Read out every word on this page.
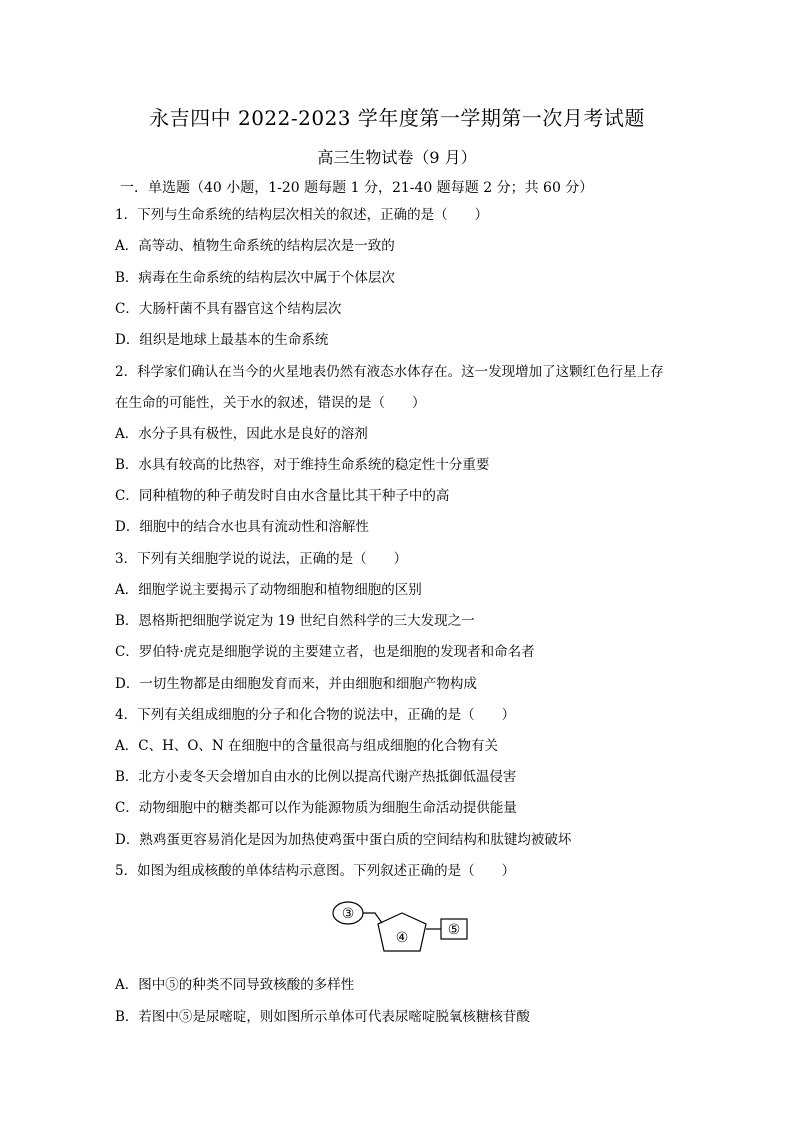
永吉四中 2022-2023 学年度第一学期第一次月考试题
高三生物试卷（9 月）
一．单选题（40 小题，1-20 题每题 1 分，21-40 题每题 2 分；共 60 分）
1．下列与生命系统的结构层次相关的叙述，正确的是（　　）
A．高等动、植物生命系统的结构层次是一致的
B．病毒在生命系统的结构层次中属于个体层次
C．大肠杆菌不具有器官这个结构层次
D．组织是地球上最基本的生命系统
2．科学家们确认在当今的火星地表仍然有液态水体存在。这一发现增加了这颗红色行星上存
在生命的可能性，关于水的叙述，错误的是（　　）
A．水分子具有极性，因此水是良好的溶剂
B．水具有较高的比热容，对于维持生命系统的稳定性十分重要
C．同种植物的种子萌发时自由水含量比其干种子中的高
D．细胞中的结合水也具有流动性和溶解性
3．下列有关细胞学说的说法，正确的是（　　）
A．细胞学说主要揭示了动物细胞和植物细胞的区别
B．恩格斯把细胞学说定为 19 世纪自然科学的三大发现之一
C．罗伯特·虎克是细胞学说的主要建立者，也是细胞的发现者和命名者
D．一切生物都是由细胞发育而来，并由细胞和细胞产物构成
4．下列有关组成细胞的分子和化合物的说法中，正确的是（　　）
A．C、H、O、N 在细胞中的含量很高与组成细胞的化合物有关
B．北方小麦冬天会增加自由水的比例以提高代谢产热抵御低温侵害
C．动物细胞中的糖类都可以作为能源物质为细胞生命活动提供能量
D．熟鸡蛋更容易消化是因为加热使鸡蛋中蛋白质的空间结构和肽键均被破坏
5．如图为组成核酸的单体结构示意图。下列叙述正确的是（　　）
③
④	⑤
A．图中⑤的种类不同导致核酸的多样性
B．若图中⑤是尿嘧啶，则如图所示单体可代表尿嘧啶脱氧核糖核苷酸
